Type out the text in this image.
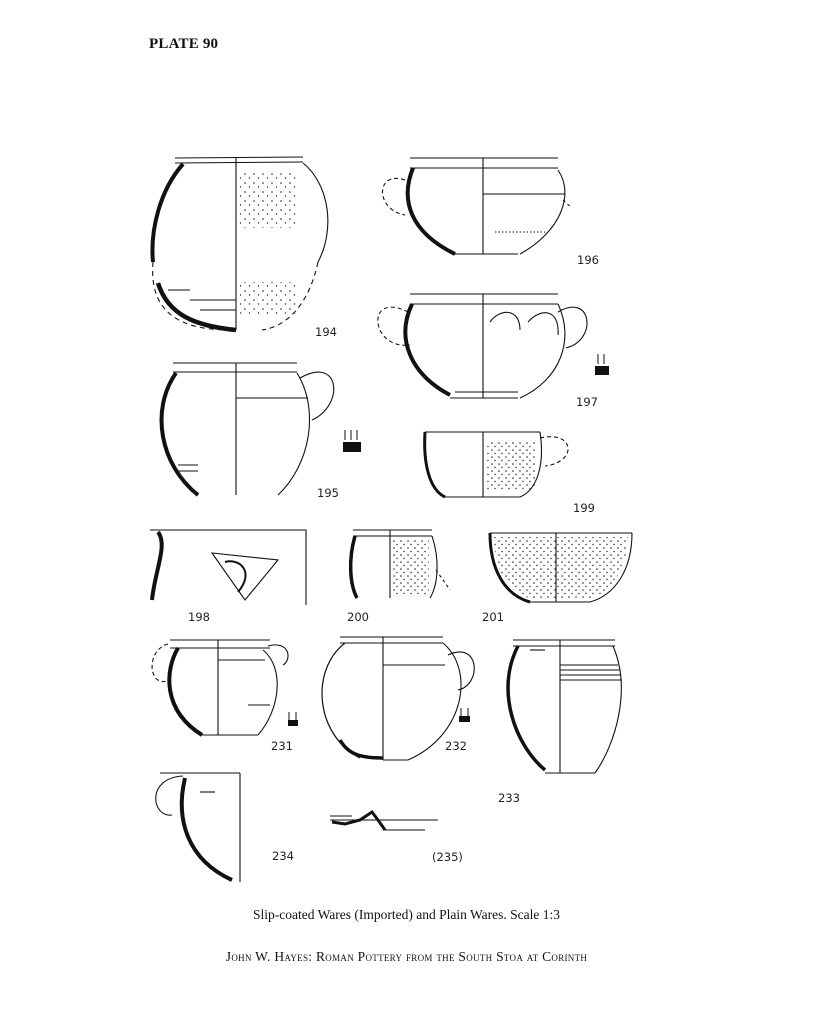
PLATE 90
194
195
196
197
198
199
200	201
231	232
233
234	(235)
Slip-coated Wares (Imported) and Plain Wares. Scale 1:3
John W. Hayes: Roman Pottery from the South Stoa at Corinth
